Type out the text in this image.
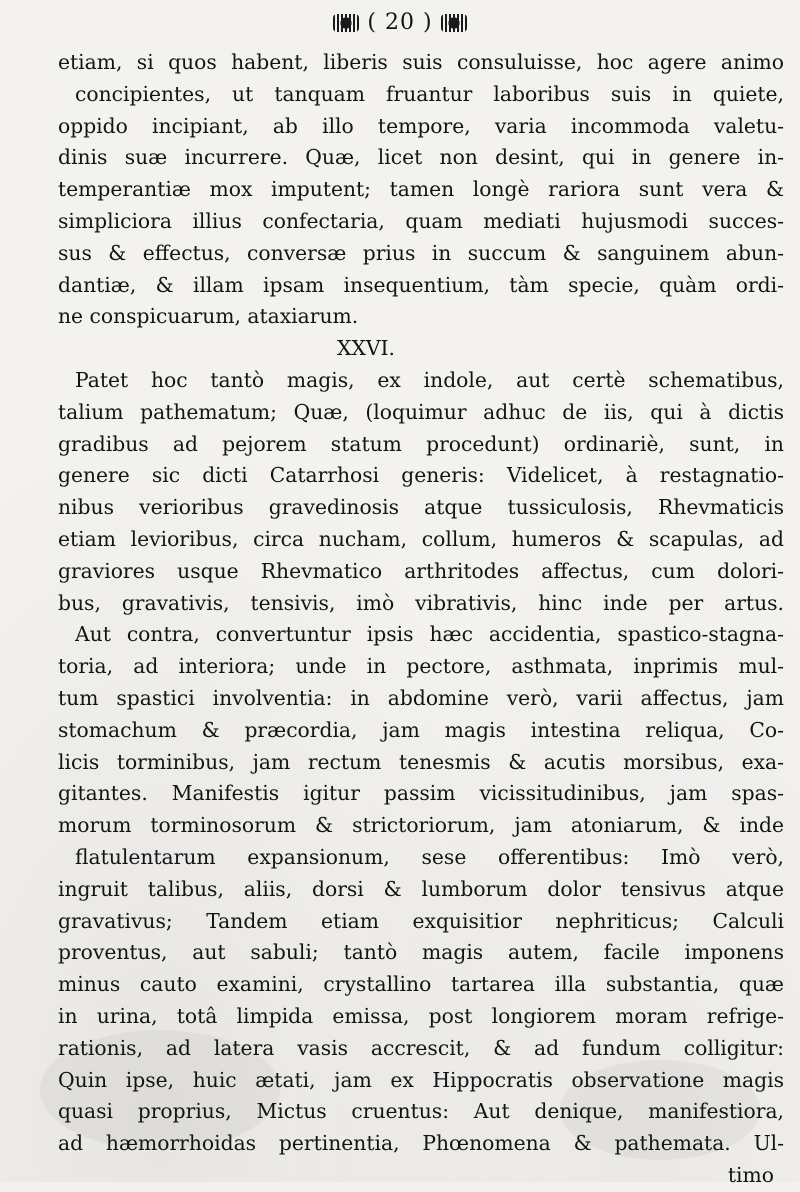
( 20 )
etiam, si quos habent, liberis suis consuluisse, hoc agere animo
concipientes, ut tanquam fruantur laboribus suis in quiete,
oppido incipiant, ab illo tempore, varia incommoda valetu-
dinis suæ incurrere. Quæ, licet non desint, qui in genere in-
temperantiæ mox imputent; tamen longè rariora sunt vera &
simpliciora illius confectaria, quam mediati hujusmodi succes-
sus & effectus, conversæ prius in succum & sanguinem abun-
dantiæ, & illam ipsam insequentium, tàm specie, quàm ordi-
ne conspicuarum, ataxiarum.
XXVI.
Patet hoc tantò magis, ex indole, aut certè schematibus,
talium pathematum; Quæ, (loquimur adhuc de iis, qui à dictis
gradibus ad pejorem statum procedunt) ordinariè, sunt, in
genere sic dicti Catarrhosi generis: Videlicet, à restagnatio-
nibus verioribus gravedinosis atque tussiculosis, Rhevmaticis
etiam levioribus, circa nucham, collum, humeros & scapulas, ad
graviores usque Rhevmatico arthritodes affectus, cum dolori-
bus, gravativis, tensivis, imò vibrativis, hinc inde per artus.
Aut contra, convertuntur ipsis hæc accidentia, spastico-stagna-
toria, ad interiora; unde in pectore, asthmata, inprimis mul-
tum spastici involventia: in abdomine verò, varii affectus, jam
stomachum & præcordia, jam magis intestina reliqua, Co-
licis torminibus, jam rectum tenesmis & acutis morsibus, exa-
gitantes. Manifestis igitur passim vicissitudinibus, jam spas-
morum torminosorum & strictoriorum, jam atoniarum, & inde
flatulentarum expansionum, sese offerentibus: Imò verò,
ingruit talibus, aliis, dorsi & lumborum dolor tensivus atque
gravativus; Tandem etiam exquisitior nephriticus; Calculi
proventus, aut sabuli; tantò magis autem, facile imponens
minus cauto examini, crystallino tartarea illa substantia, quæ
in urina, totâ limpida emissa, post longiorem moram refrige-
rationis, ad latera vasis accrescit, & ad fundum colligitur:
Quin ipse, huic ætati, jam ex Hippocratis observatione magis
quasi proprius, Mictus cruentus: Aut denique, manifestiora,
ad hæmorrhoidas pertinentia, Phœnomena & pathemata. Ul-
timo
